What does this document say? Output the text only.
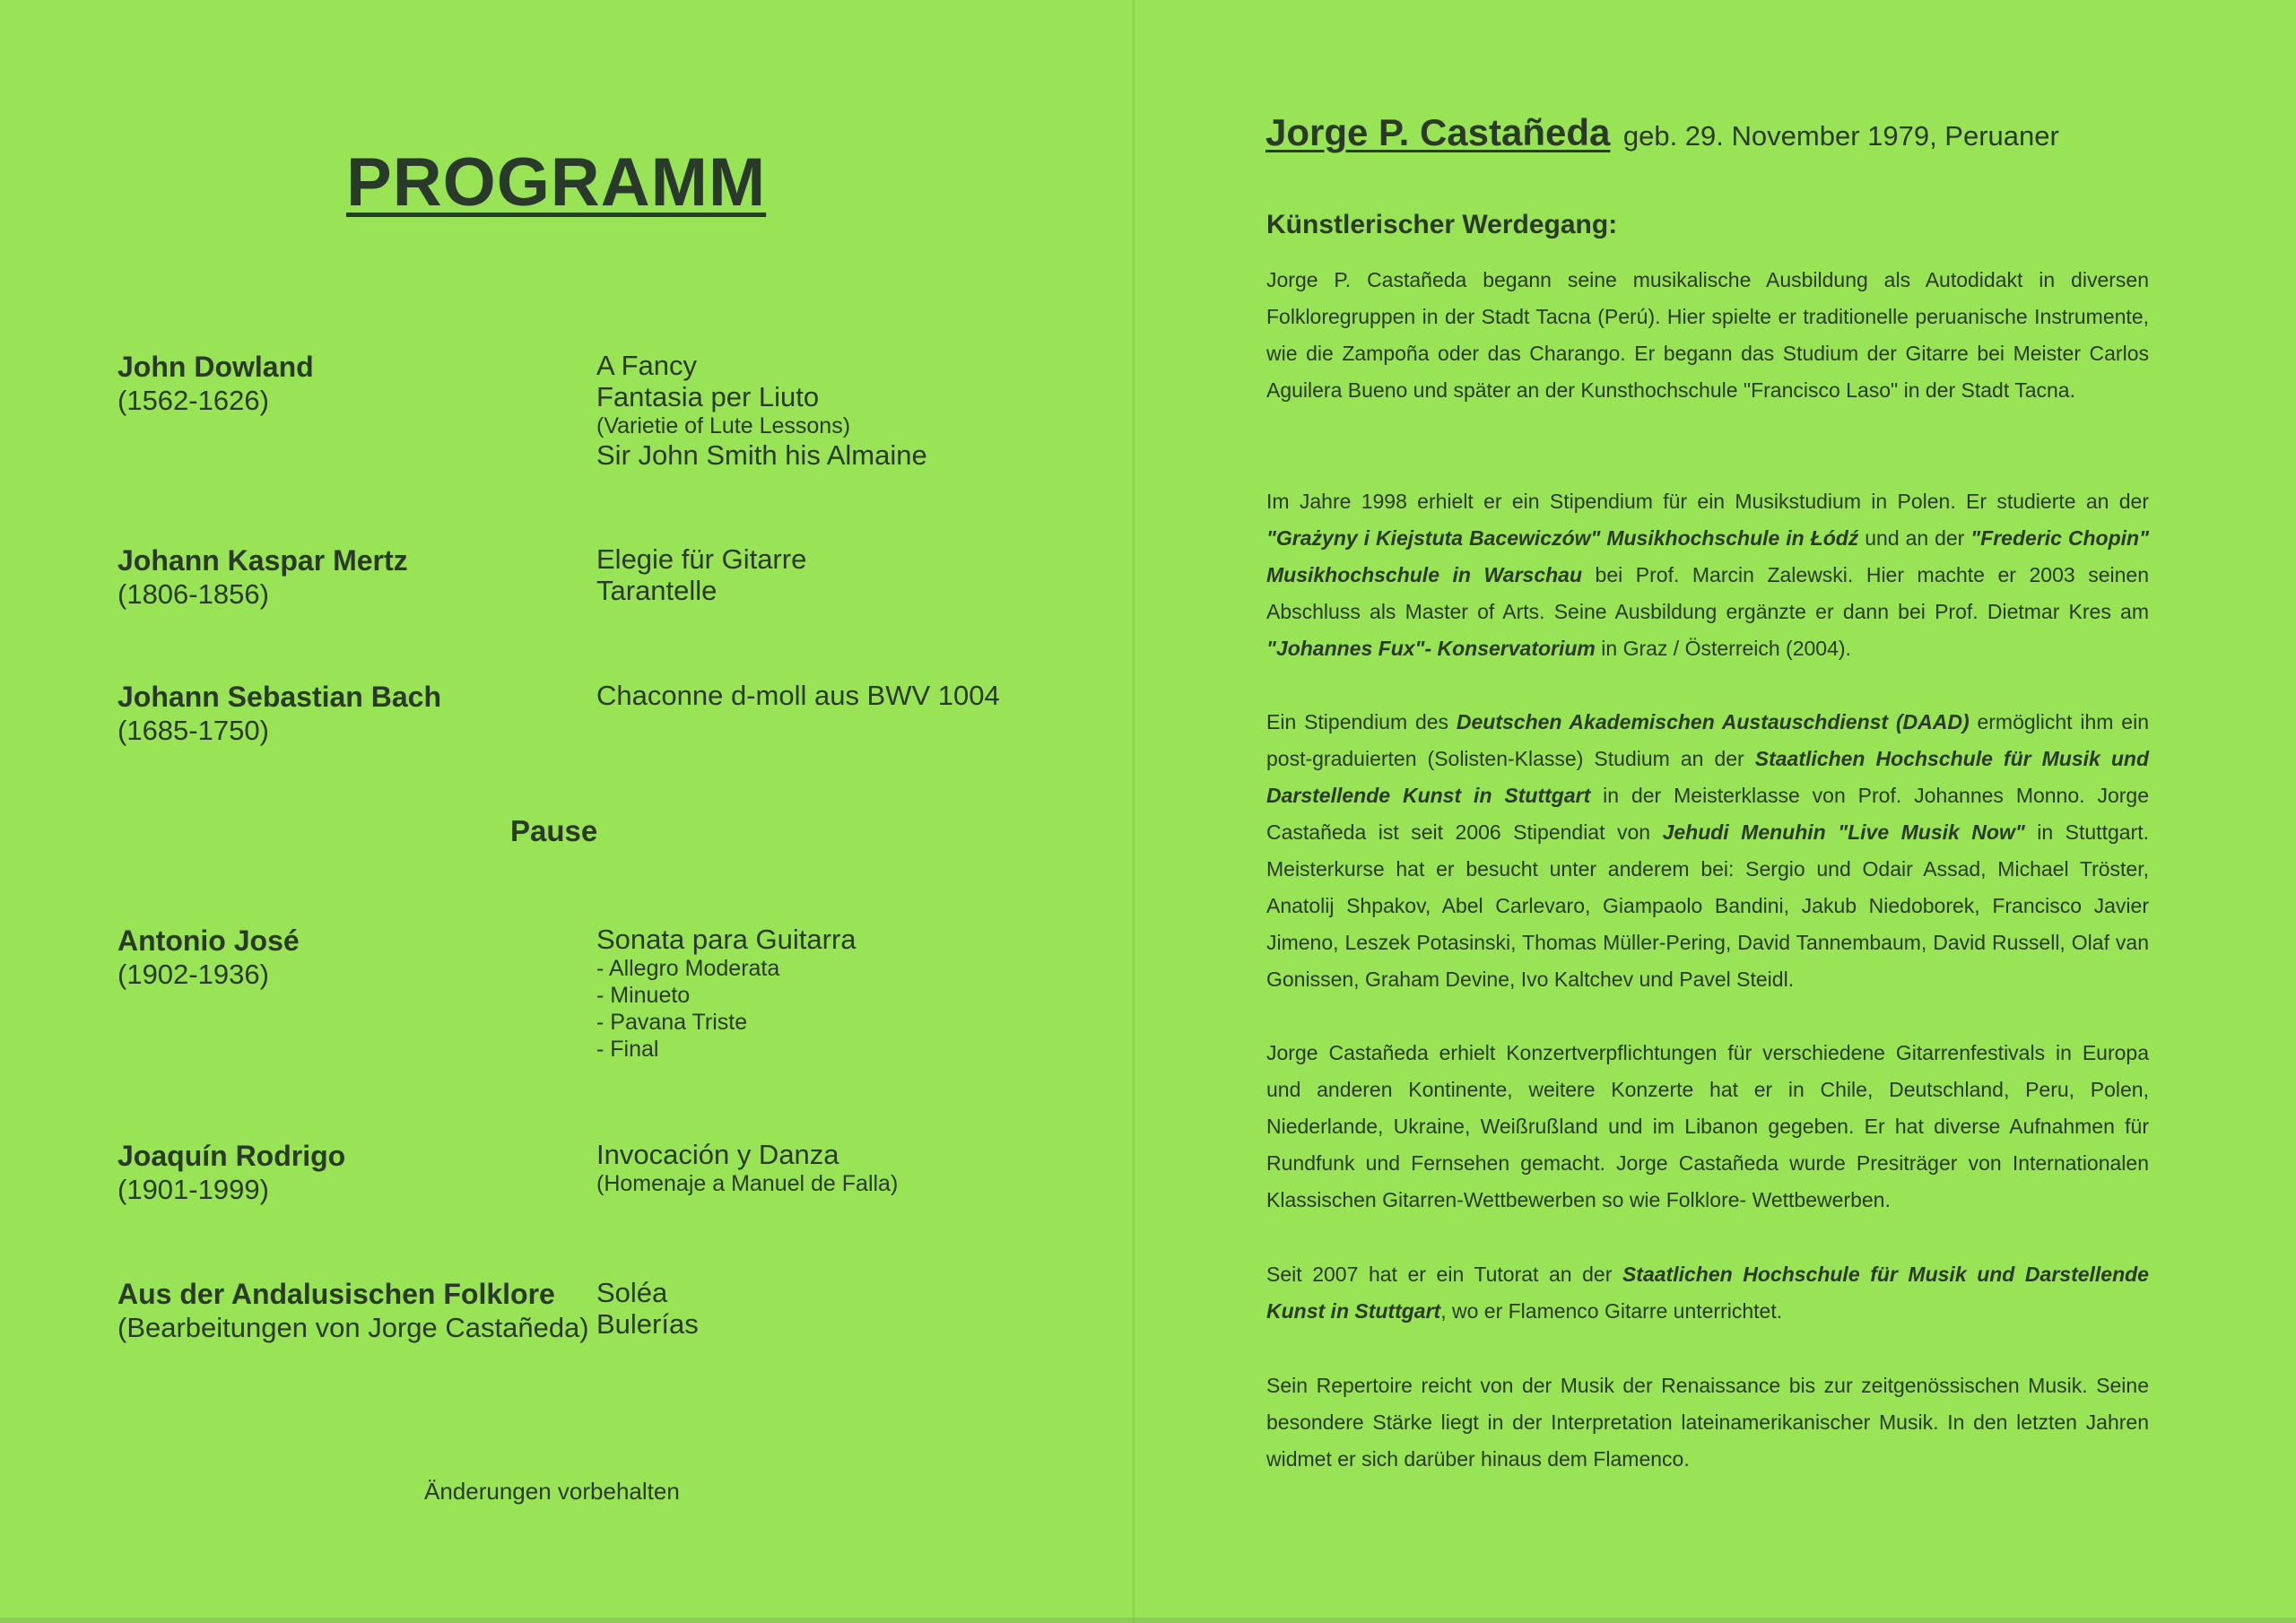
PROGRAMM
John Dowland
(1562-1626)
A Fancy
Fantasia per Liuto
(Varietie of Lute Lessons)
Sir John Smith his Almaine
Johann Kaspar Mertz
(1806-1856)
Elegie für Gitarre
Tarantelle
Johann Sebastian Bach
(1685-1750)
Chaconne d-moll aus BWV 1004
Antonio José
(1902-1936)
Sonata para Guitarra
- Allegro Moderata
- Minueto
- Pavana Triste
- Final
Joaquín Rodrigo
(1901-1999)
Invocación y Danza
(Homenaje a Manuel de Falla)
Aus der Andalusischen Folklore
(Bearbeitungen von Jorge Castañeda)
Soléa
Bulerías
Pause
Änderungen vorbehalten
Jorge P. Castañeda geb. 29. November 1979, Peruaner
Künstlerischer Werdegang:
Jorge P. Castañeda begann seine musikalische Ausbildung als Autodidakt in diversen Folkloregruppen in der Stadt Tacna (Perú). Hier spielte er traditionelle peruanische Instrumente, wie die Zampoña oder das Charango. Er begann das Studium der Gitarre bei Meister Carlos Aguilera Bueno und später an der Kunsthochschule "Francisco Laso" in der Stadt Tacna.
Im Jahre 1998 erhielt er ein Stipendium für ein Musikstudium in Polen. Er studierte an der "Grażyny i Kiejstuta Bacewiczów" Musikhochschule in Łódź und an der "Frederic Chopin" Musikhochschule in Warschau bei Prof. Marcin Zalewski. Hier machte er 2003 seinen Abschluss als Master of Arts. Seine Ausbildung ergänzte er dann bei Prof. Dietmar Kres am "Johannes Fux"- Konservatorium in Graz / Österreich (2004).
Ein Stipendium des Deutschen Akademischen Austauschdienst (DAAD) ermöglicht ihm ein post-graduierten (Solisten-Klasse) Studium an der Staatlichen Hochschule für Musik und Darstellende Kunst in Stuttgart in der Meisterklasse von Prof. Johannes Monno. Jorge Castañeda ist seit 2006 Stipendiat von Jehudi Menuhin "Live Musik Now" in Stuttgart. Meisterkurse hat er besucht unter anderem bei: Sergio und Odair Assad, Michael Tröster, Anatolij Shpakov, Abel Carlevaro, Giampaolo Bandini, Jakub Niedoborek, Francisco Javier Jimeno, Leszek Potasinski, Thomas Müller-Pering, David Tannembaum, David Russell, Olaf van Gonissen, Graham Devine, Ivo Kaltchev und Pavel Steidl.
Jorge Castañeda erhielt Konzertverpflichtungen für verschiedene Gitarrenfestivals in Europa und anderen Kontinente, weitere Konzerte hat er in Chile, Deutschland, Peru, Polen, Niederlande, Ukraine, Weißrußland und im Libanon gegeben. Er hat diverse Aufnahmen für Rundfunk und Fernsehen gemacht. Jorge Castañeda wurde Presiträger von Internationalen Klassischen Gitarren-Wettbewerben so wie Folklore- Wettbewerben.
Seit 2007 hat er ein Tutorat an der Staatlichen Hochschule für Musik und Darstellende Kunst in Stuttgart, wo er Flamenco Gitarre unterrichtet.
Sein Repertoire reicht von der Musik der Renaissance bis zur zeitgenössischen Musik. Seine besondere Stärke liegt in der Interpretation lateinamerikanischer Musik. In den letzten Jahren widmet er sich darüber hinaus dem Flamenco.
